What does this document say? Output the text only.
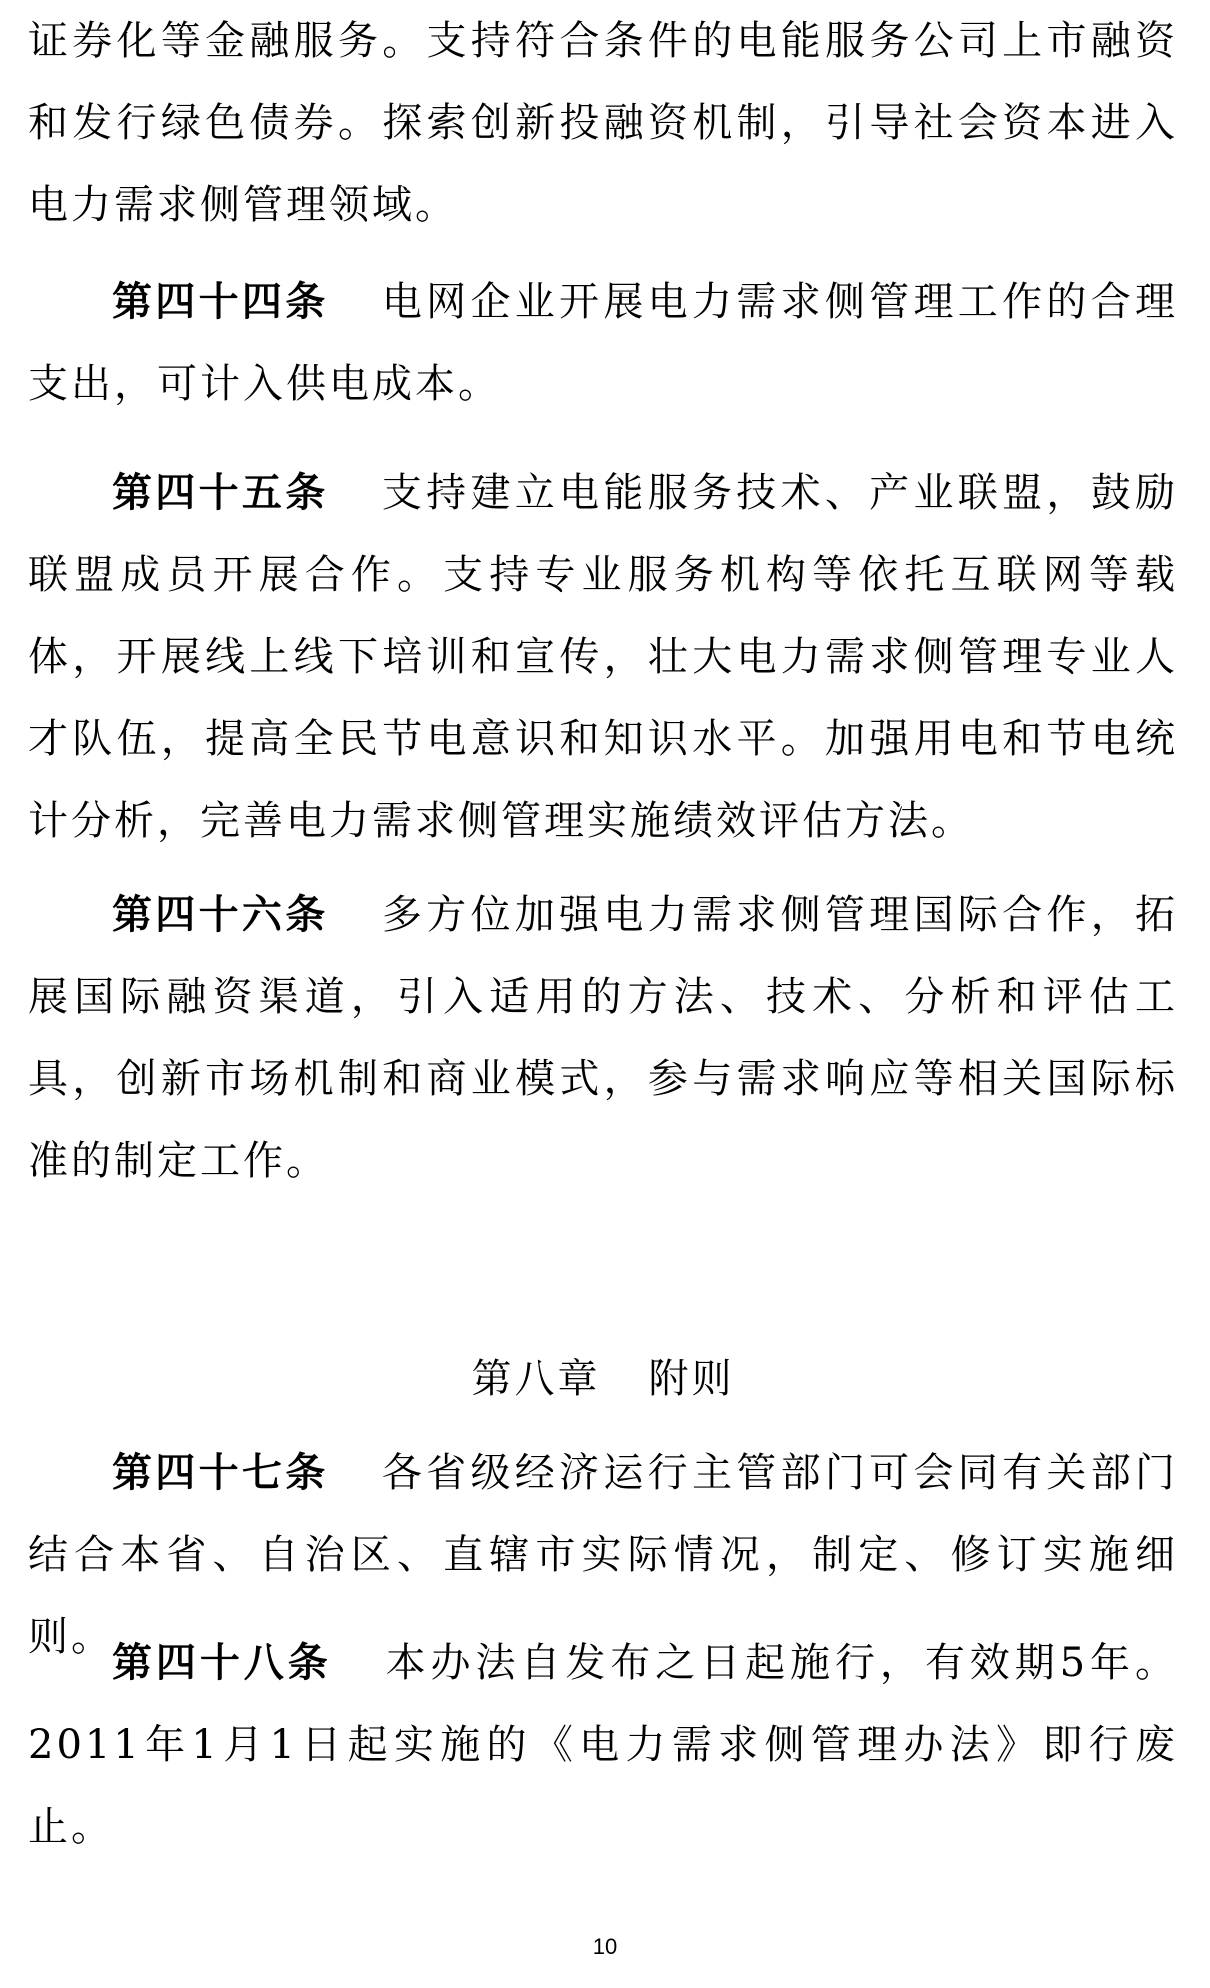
证券化等金融服务。支持符合条件的电能服务公司上市融资和发行绿色债券。探索创新投融资机制，引导社会资本进入电力需求侧管理领域。

第四十四条 电网企业开展电力需求侧管理工作的合理支出，可计入供电成本。

第四十五条 支持建立电能服务技术、产业联盟，鼓励联盟成员开展合作。支持专业服务机构等依托互联网等载体，开展线上线下培训和宣传，壮大电力需求侧管理专业人才队伍，提高全民节电意识和知识水平。加强用电和节电统计分析，完善电力需求侧管理实施绩效评估方法。

第四十六条 多方位加强电力需求侧管理国际合作，拓展国际融资渠道，引入适用的方法、技术、分析和评估工具，创新市场机制和商业模式，参与需求响应等相关国际标准的制定工作。

第八章 附则

第四十七条 各省级经济运行主管部门可会同有关部门结合本省、自治区、直辖市实际情况，制定、修订实施细则。

第四十八条 本办法自发布之日起施行，有效期5年。2011年1月1日起实施的《电力需求侧管理办法》即行废止。

10
